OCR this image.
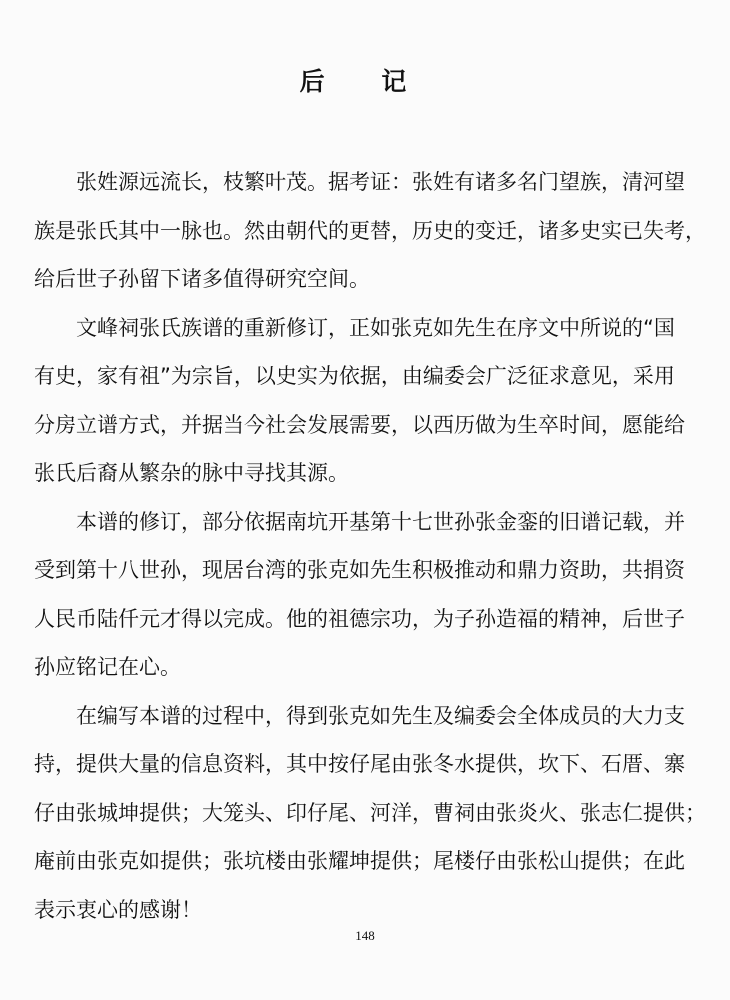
后 记
张姓源远流长，枝繁叶茂。据考证：张姓有诸多名门望族，清河望
族是张氏其中一脉也。然由朝代的更替，历史的变迁，诸多史实已失考，
给后世子孙留下诸多值得研究空间。
文峰祠张氏族谱的重新修订，正如张克如先生在序文中所说的“国
有史，家有祖”为宗旨，以史实为依据，由编委会广泛征求意见，采用
分房立谱方式，并据当今社会发展需要，以西历做为生卒时间，愿能给
张氏后裔从繁杂的脉中寻找其源。
本谱的修订，部分依据南坑开基第十七世孙张金銮的旧谱记载，并
受到第十八世孙，现居台湾的张克如先生积极推动和鼎力资助，共捐资
人民币陆仟元才得以完成。他的祖德宗功，为子孙造福的精神，后世子
孙应铭记在心。
在编写本谱的过程中，得到张克如先生及编委会全体成员的大力支
持，提供大量的信息资料，其中按仔尾由张冬水提供，坎下、石厝、寨
仔由张城坤提供；大笼头、印仔尾、河洋，曹祠由张炎火、张志仁提供；
庵前由张克如提供；张坑楼由张耀坤提供；尾楼仔由张松山提供；在此
表示衷心的感谢！
148
